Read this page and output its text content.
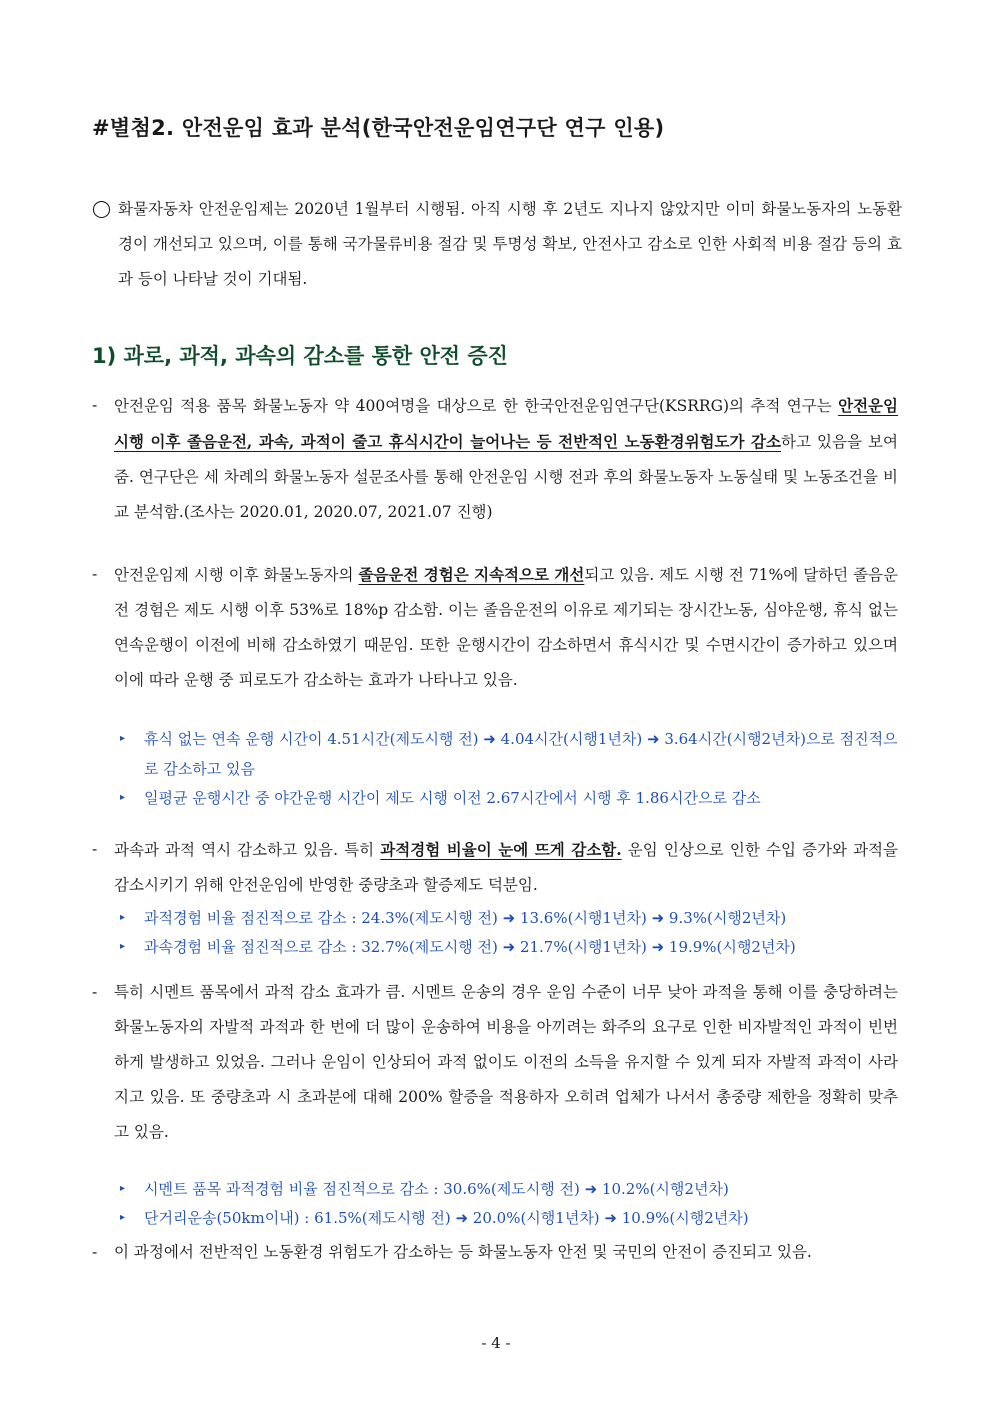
#별첨2. 안전운임 효과 분석(한국안전운임연구단 연구 인용)
◯ 화물자동차 안전운임제는 2020년 1월부터 시행됨. 아직 시행 후 2년도 지나지 않았지만 이미 화물노동자의 노동환경이 개선되고 있으며, 이를 통해 국가물류비용 절감 및 투명성 확보, 안전사고 감소로 인한 사회적 비용 절감 등의 효과 등이 나타날 것이 기대됨.
1) 과로, 과적, 과속의 감소를 통한 안전 증진
- 안전운임 적용 품목 화물노동자 약 400여명을 대상으로 한 한국안전운임연구단(KSRRG)의 추적 연구는 안전운임 시행 이후 졸음운전, 과속, 과적이 줄고 휴식시간이 늘어나는 등 전반적인 노동환경위험도가 감소하고 있음을 보여줌. 연구단은 세 차례의 화물노동자 설문조사를 통해 안전운임 시행 전과 후의 화물노동자 노동실태 및 노동조건을 비교 분석함.(조사는 2020.01, 2020.07, 2021.07 진행)
- 안전운임제 시행 이후 화물노동자의 졸음운전 경험은 지속적으로 개선되고 있음. 제도 시행 전 71%에 달하던 졸음운전 경험은 제도 시행 이후 53%로 18%p 감소함. 이는 졸음운전의 이유로 제기되는 장시간노동, 심야운행, 휴식 없는 연속운행이 이전에 비해 감소하였기 때문임. 또한 운행시간이 감소하면서 휴식시간 및 수면시간이 증가하고 있으며 이에 따라 운행 중 피로도가 감소하는 효과가 나타나고 있음.
▸ 휴식 없는 연속 운행 시간이 4.51시간(제도시행 전) ➜ 4.04시간(시행1년차) ➜ 3.64시간(시행2년차)으로 점진적으로 감소하고 있음
▸ 일평균 운행시간 중 야간운행 시간이 제도 시행 이전 2.67시간에서 시행 후 1.86시간으로 감소
- 과속과 과적 역시 감소하고 있음. 특히 과적경험 비율이 눈에 뜨게 감소함. 운임 인상으로 인한 수입 증가와 과적을 감소시키기 위해 안전운임에 반영한 중량초과 할증제도 덕분임.
▸ 과적경험 비율 점진적으로 감소 : 24.3%(제도시행 전) ➜ 13.6%(시행1년차) ➜ 9.3%(시행2년차)
▸ 과속경험 비율 점진적으로 감소 : 32.7%(제도시행 전) ➜ 21.7%(시행1년차) ➜ 19.9%(시행2년차)
- 특히 시멘트 품목에서 과적 감소 효과가 큼. 시멘트 운송의 경우 운임 수준이 너무 낮아 과적을 통해 이를 충당하려는 화물노동자의 자발적 과적과 한 번에 더 많이 운송하여 비용을 아끼려는 화주의 요구로 인한 비자발적인 과적이 빈번하게 발생하고 있었음. 그러나 운임이 인상되어 과적 없이도 이전의 소득을 유지할 수 있게 되자 자발적 과적이 사라지고 있음. 또 중량초과 시 초과분에 대해 200% 할증을 적용하자 오히려 업체가 나서서 총중량 제한을 정확히 맞추고 있음.
▸ 시멘트 품목 과적경험 비율 점진적으로 감소 : 30.6%(제도시행 전) ➜ 10.2%(시행2년차)
▸ 단거리운송(50km이내) : 61.5%(제도시행 전) ➜ 20.0%(시행1년차) ➜ 10.9%(시행2년차)
- 이 과정에서 전반적인 노동환경 위험도가 감소하는 등 화물노동자 안전 및 국민의 안전이 증진되고 있음.
- 4 -
